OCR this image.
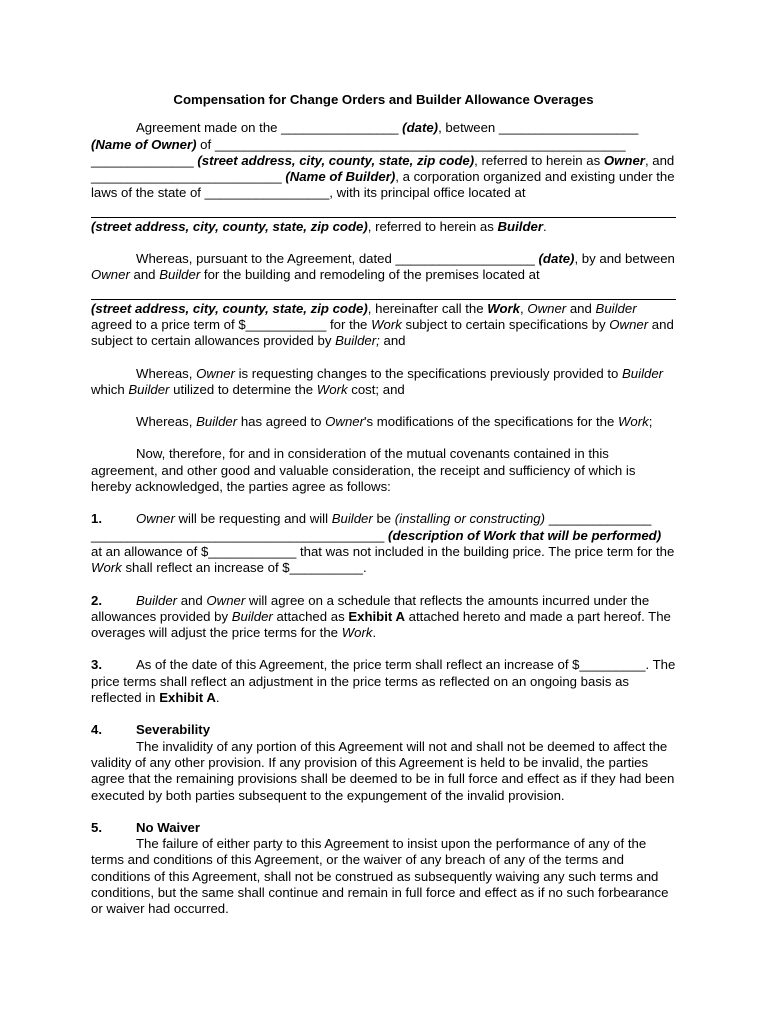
Compensation for Change Orders and Builder Allowance Overages

Agreement made on the ________________ (date), between ___________________ (Name of Owner) of ________________________________________________________ ______________ (street address, city, county, state, zip code), referred to herein as Owner, and __________________________ (Name of Builder), a corporation organized and existing under the laws of the state of _________________, with its principal office located at
(street address, city, county, state, zip code), referred to herein as Builder.

Whereas, pursuant to the Agreement, dated ___________________ (date), by and between Owner and Builder for the building and remodeling of the premises located at
(street address, city, county, state, zip code), hereinafter call the Work, Owner and Builder agreed to a price term of $___________ for the Work subject to certain specifications by Owner and subject to certain allowances provided by Builder; and

Whereas, Owner is requesting changes to the specifications previously provided to Builder which Builder utilized to determine the Work cost; and

Whereas, Builder has agreed to Owner's modifications of the specifications for the Work;

Now, therefore, for and in consideration of the mutual covenants contained in this agreement, and other good and valuable consideration, the receipt and sufficiency of which is hereby acknowledged, the parties agree as follows:

1.	Owner will be requesting and will Builder be (installing or constructing) ______________

________________________________________ (description of Work that will be performed)

at an allowance of $____________ that was not included in the building price. The price term for the Work shall reflect an increase of $__________.

2.	Builder and Owner will agree on a schedule that reflects the amounts incurred under the allowances provided by Builder attached as Exhibit A attached hereto and made a part hereof. The overages will adjust the price terms for the Work.

3.	As of the date of this Agreement, the price term shall reflect an increase of $_________. The price terms shall reflect an adjustment in the price terms as reflected on an ongoing basis as reflected in Exhibit A.

4.	Severability

The invalidity of any portion of this Agreement will not and shall not be deemed to affect the validity of any other provision. If any provision of this Agreement is held to be invalid, the parties agree that the remaining provisions shall be deemed to be in full force and effect as if they had been executed by both parties subsequent to the expungement of the invalid provision.

5.	No Waiver

The failure of either party to this Agreement to insist upon the performance of any of the terms and conditions of this Agreement, or the waiver of any breach of any of the terms and conditions of this Agreement, shall not be construed as subsequently waiving any such terms and conditions, but the same shall continue and remain in full force and effect as if no such forbearance or waiver had occurred.
